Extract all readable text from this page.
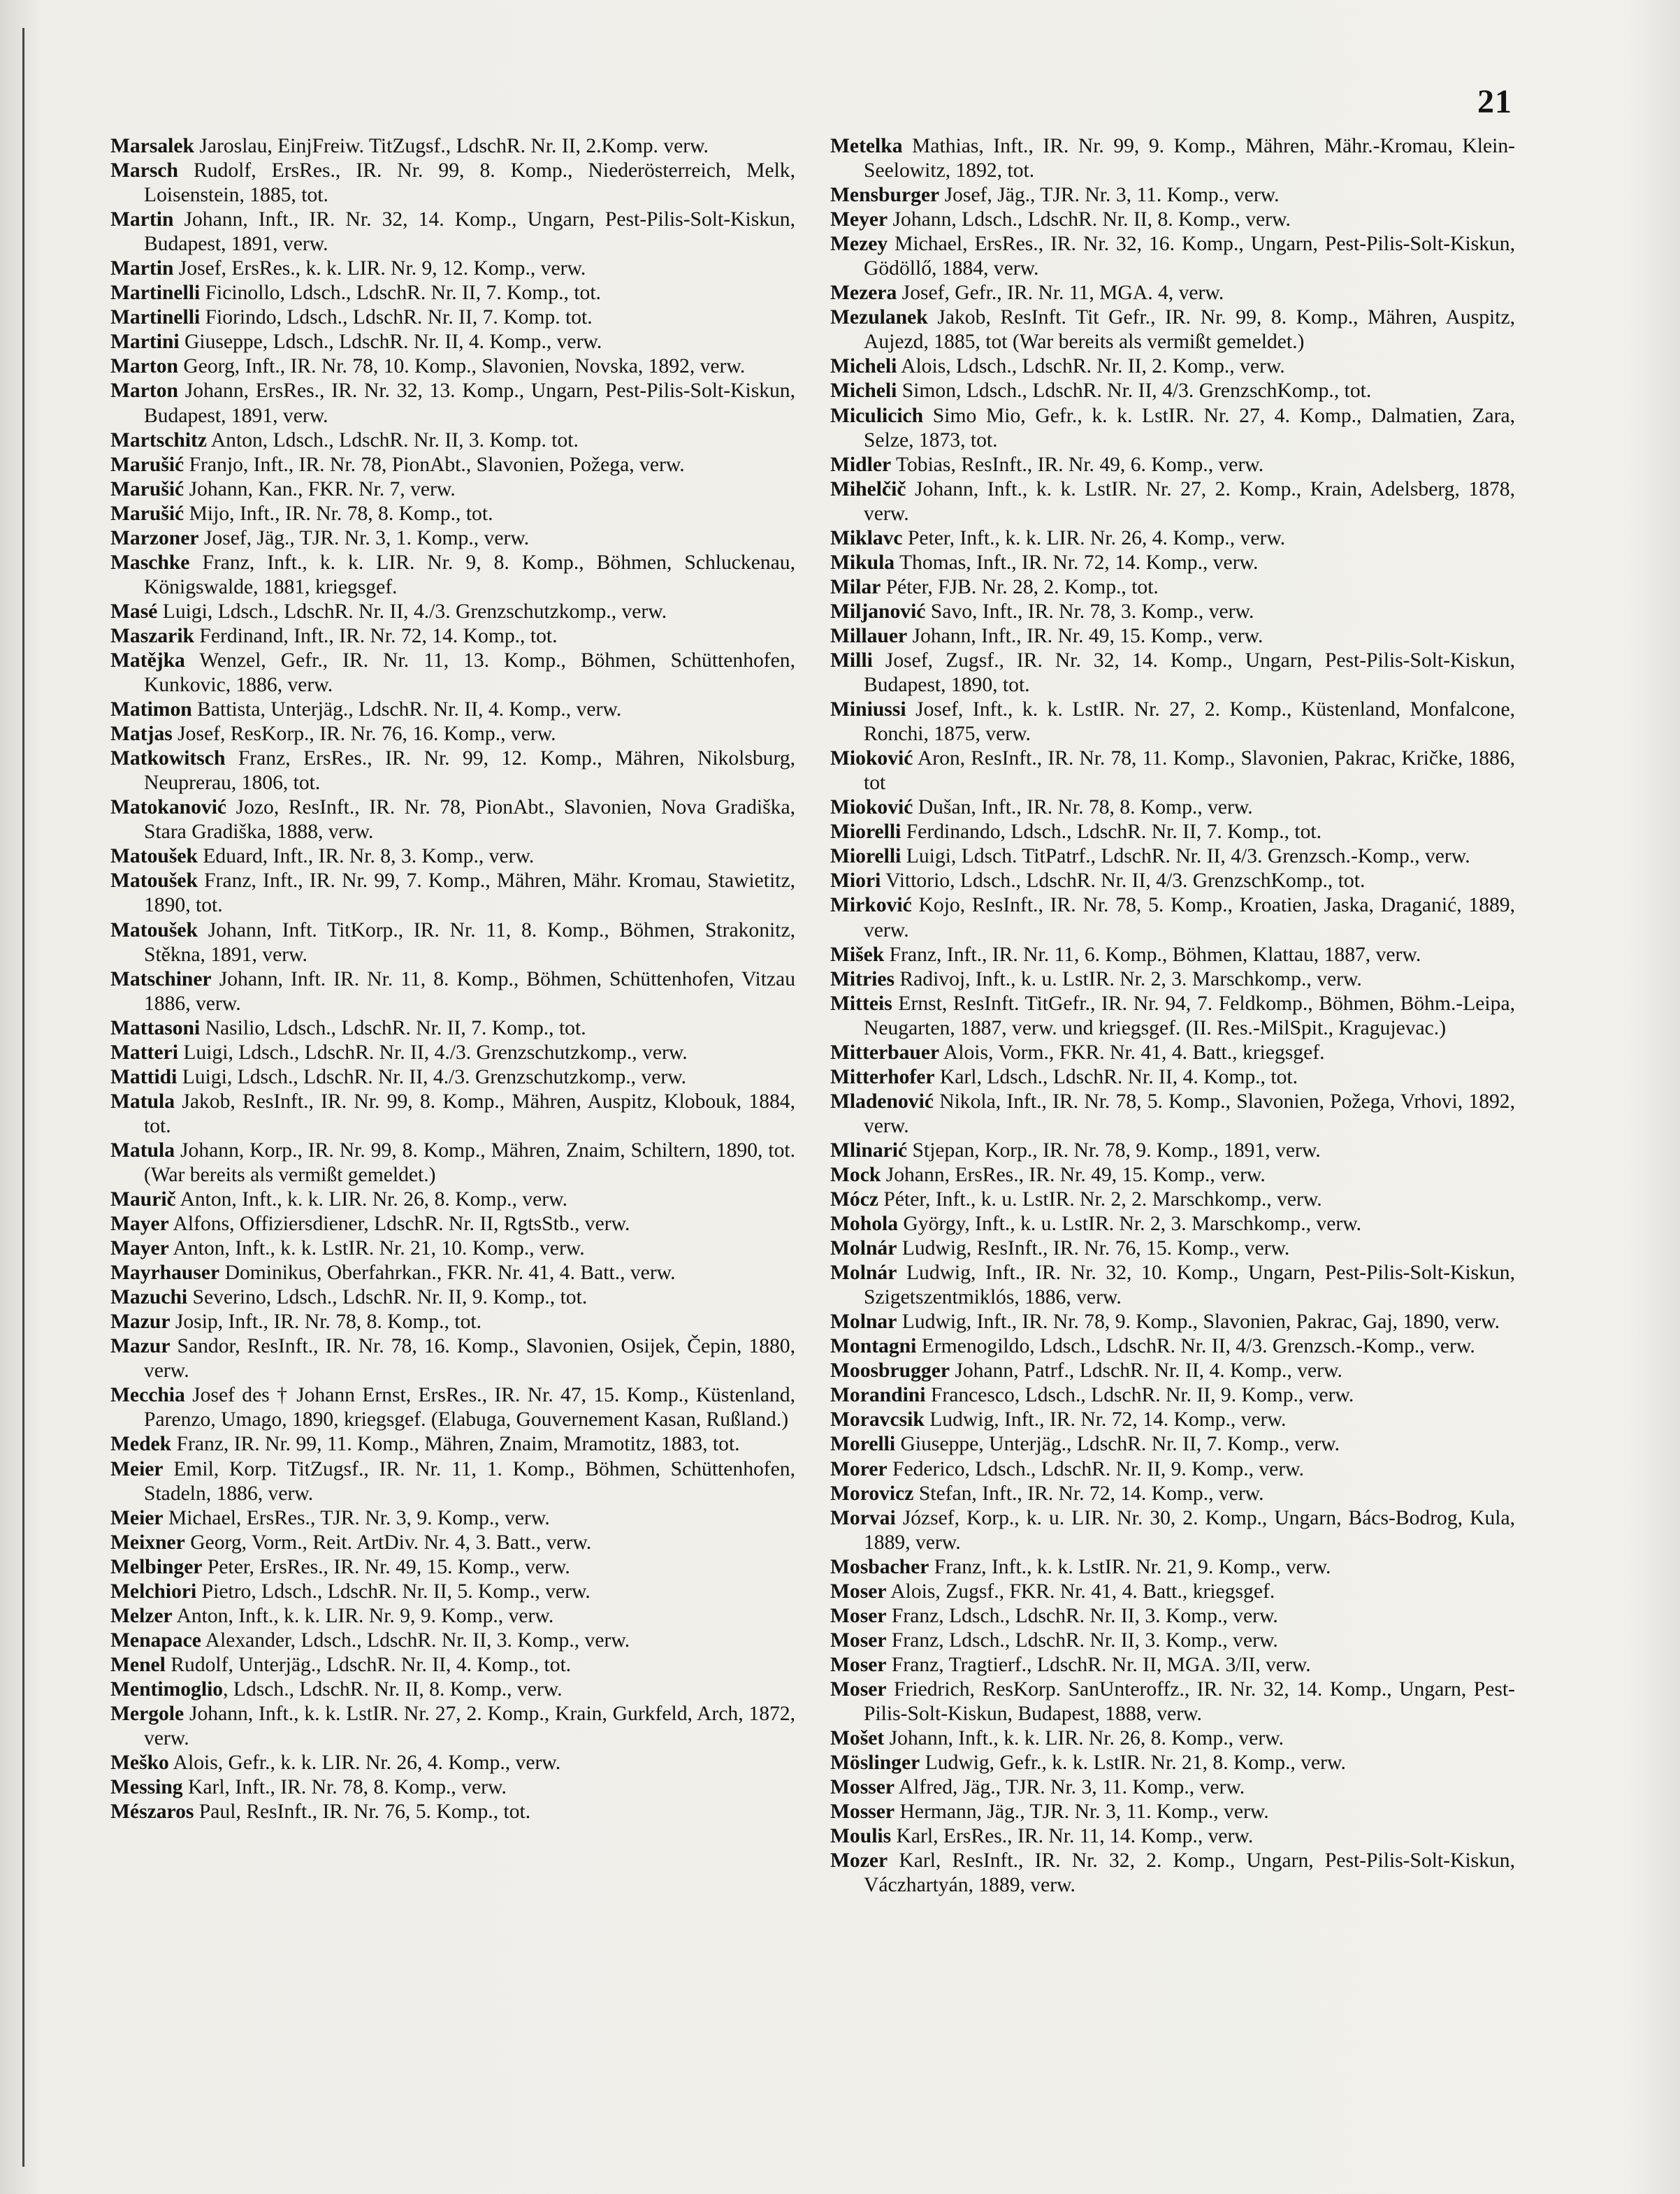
21

Marsalek Jaroslau, EinjFreiw. TitZugsf., LdschR. Nr. II, 2.Komp. verw.

Marsch Rudolf, ErsRes., IR. Nr. 99, 8. Komp., Niederösterreich, Melk, Loisenstein, 1885, tot.

Martin Johann, Inft., IR. Nr. 32, 14. Komp., Ungarn, Pest-Pilis-Solt-Kiskun, Budapest, 1891, verw.

Martin Josef, ErsRes., k. k. LIR. Nr. 9, 12. Komp., verw.

Martinelli Ficinollo, Ldsch., LdschR. Nr. II, 7. Komp., tot.

Martinelli Fiorindo, Ldsch., LdschR. Nr. II, 7. Komp. tot.

Martini Giuseppe, Ldsch., LdschR. Nr. II, 4. Komp., verw.

Marton Georg, Inft., IR. Nr. 78, 10. Komp., Slavonien, Novska, 1892, verw.

Marton Johann, ErsRes., IR. Nr. 32, 13. Komp., Ungarn, Pest-Pilis-Solt-Kiskun, Budapest, 1891, verw.

Martschitz Anton, Ldsch., LdschR. Nr. II, 3. Komp. tot.

Marušić Franjo, Inft., IR. Nr. 78, PionAbt., Slavonien, Požega, verw.

Marušić Johann, Kan., FKR. Nr. 7, verw.

Marušić Mijo, Inft., IR. Nr. 78, 8. Komp., tot.

Marzoner Josef, Jäg., TJR. Nr. 3, 1. Komp., verw.

Maschke Franz, Inft., k. k. LIR. Nr. 9, 8. Komp., Böhmen, Schluckenau, Königswalde, 1881, kriegsgef.

Masé Luigi, Ldsch., LdschR. Nr. II, 4./3. Grenzschutzkomp., verw.

Maszarik Ferdinand, Inft., IR. Nr. 72, 14. Komp., tot.

Matějka Wenzel, Gefr., IR. Nr. 11, 13. Komp., Böhmen, Schüttenhofen, Kunkovic, 1886, verw.

Matimon Battista, Unterjäg., LdschR. Nr. II, 4. Komp., verw.

Matjas Josef, ResKorp., IR. Nr. 76, 16. Komp., verw.

Matkowitsch Franz, ErsRes., IR. Nr. 99, 12. Komp., Mähren, Nikolsburg, Neuprerau, 1806, tot.

Matokanović Jozo, ResInft., IR. Nr. 78, PionAbt., Slavonien, Nova Gradiška, Stara Gradiška, 1888, verw.

Matoušek Eduard, Inft., IR. Nr. 8, 3. Komp., verw.

Matoušek Franz, Inft., IR. Nr. 99, 7. Komp., Mähren, Mähr. Kromau, Stawietitz, 1890, tot.

Matoušek Johann, Inft. TitKorp., IR. Nr. 11, 8. Komp., Böhmen, Strakonitz, Stěkna, 1891, verw.

Matschiner Johann, Inft. IR. Nr. 11, 8. Komp., Böhmen, Schüttenhofen, Vitzau 1886, verw.

Mattasoni Nasilio, Ldsch., LdschR. Nr. II, 7. Komp., tot.

Matteri Luigi, Ldsch., LdschR. Nr. II, 4./3. Grenzschutzkomp., verw.

Mattidi Luigi, Ldsch., LdschR. Nr. II, 4./3. Grenzschutzkomp., verw.

Matula Jakob, ResInft., IR. Nr. 99, 8. Komp., Mähren, Auspitz, Klobouk, 1884, tot.

Matula Johann, Korp., IR. Nr. 99, 8. Komp., Mähren, Znaim, Schiltern, 1890, tot. (War bereits als vermißt gemeldet.)

Maurič Anton, Inft., k. k. LIR. Nr. 26, 8. Komp., verw.

Mayer Alfons, Offiziersdiener, LdschR. Nr. II, RgtsStb., verw.

Mayer Anton, Inft., k. k. LstIR. Nr. 21, 10. Komp., verw.

Mayrhauser Dominikus, Oberfahrkan., FKR. Nr. 41, 4. Batt., verw.

Mazuchi Severino, Ldsch., LdschR. Nr. II, 9. Komp., tot.

Mazur Josip, Inft., IR. Nr. 78, 8. Komp., tot.

Mazur Sandor, ResInft., IR. Nr. 78, 16. Komp., Slavonien, Osijek, Čepin, 1880, verw.

Mecchia Josef des † Johann Ernst, ErsRes., IR. Nr. 47, 15. Komp., Küstenland, Parenzo, Umago, 1890, kriegsgef. (Elabuga, Gouvernement Kasan, Rußland.)

Medek Franz, IR. Nr. 99, 11. Komp., Mähren, Znaim, Mramotitz, 1883, tot.

Meier Emil, Korp. TitZugsf., IR. Nr. 11, 1. Komp., Böhmen, Schüttenhofen, Stadeln, 1886, verw.

Meier Michael, ErsRes., TJR. Nr. 3, 9. Komp., verw.

Meixner Georg, Vorm., Reit. ArtDiv. Nr. 4, 3. Batt., verw.

Melbinger Peter, ErsRes., IR. Nr. 49, 15. Komp., verw.

Melchiori Pietro, Ldsch., LdschR. Nr. II, 5. Komp., verw.

Melzer Anton, Inft., k. k. LIR. Nr. 9, 9. Komp., verw.

Menapace Alexander, Ldsch., LdschR. Nr. II, 3. Komp., verw.

Menel Rudolf, Unterjäg., LdschR. Nr. II, 4. Komp., tot.

Mentimoglio, Ldsch., LdschR. Nr. II, 8. Komp., verw.

Mergole Johann, Inft., k. k. LstIR. Nr. 27, 2. Komp., Krain, Gurkfeld, Arch, 1872, verw.

Meško Alois, Gefr., k. k. LIR. Nr. 26, 4. Komp., verw.

Messing Karl, Inft., IR. Nr. 78, 8. Komp., verw.

Mészaros Paul, ResInft., IR. Nr. 76, 5. Komp., tot.

Metelka Mathias, Inft., IR. Nr. 99, 9. Komp., Mähren, Mähr.-Kromau, Klein-Seelowitz, 1892, tot.

Mensburger Josef, Jäg., TJR. Nr. 3, 11. Komp., verw.

Meyer Johann, Ldsch., LdschR. Nr. II, 8. Komp., verw.

Mezey Michael, ErsRes., IR. Nr. 32, 16. Komp., Ungarn, Pest-Pilis-Solt-Kiskun, Gödöllő, 1884, verw.

Mezera Josef, Gefr., IR. Nr. 11, MGA. 4, verw.

Mezulanek Jakob, ResInft. Tit Gefr., IR. Nr. 99, 8. Komp., Mähren, Auspitz, Aujezd, 1885, tot (War bereits als vermißt gemeldet.)

Micheli Alois, Ldsch., LdschR. Nr. II, 2. Komp., verw.

Micheli Simon, Ldsch., LdschR. Nr. II, 4/3. GrenzschKomp., tot.

Miculicich Simo Mio, Gefr., k. k. LstIR. Nr. 27, 4. Komp., Dalmatien, Zara, Selze, 1873, tot.

Midler Tobias, ResInft., IR. Nr. 49, 6. Komp., verw.

Mihelčič Johann, Inft., k. k. LstIR. Nr. 27, 2. Komp., Krain, Adelsberg, 1878, verw.

Miklavc Peter, Inft., k. k. LIR. Nr. 26, 4. Komp., verw.

Mikula Thomas, Inft., IR. Nr. 72, 14. Komp., verw.

Milar Péter, FJB. Nr. 28, 2. Komp., tot.

Miljanović Savo, Inft., IR. Nr. 78, 3. Komp., verw.

Millauer Johann, Inft., IR. Nr. 49, 15. Komp., verw.

Milli Josef, Zugsf., IR. Nr. 32, 14. Komp., Ungarn, Pest-Pilis-Solt-Kiskun, Budapest, 1890, tot.

Miniussi Josef, Inft., k. k. LstIR. Nr. 27, 2. Komp., Küstenland, Monfalcone, Ronchi, 1875, verw.

Mioković Aron, ResInft., IR. Nr. 78, 11. Komp., Slavonien, Pakrac, Kričke, 1886, tot

Mioković Dušan, Inft., IR. Nr. 78, 8. Komp., verw.

Miorelli Ferdinando, Ldsch., LdschR. Nr. II, 7. Komp., tot.

Miorelli Luigi, Ldsch. TitPatrf., LdschR. Nr. II, 4/3. Grenzsch.-Komp., verw.

Miori Vittorio, Ldsch., LdschR. Nr. II, 4/3. GrenzschKomp., tot.

Mirković Kojo, ResInft., IR. Nr. 78, 5. Komp., Kroatien, Jaska, Draganić, 1889, verw.

Mišek Franz, Inft., IR. Nr. 11, 6. Komp., Böhmen, Klattau, 1887, verw.

Mitries Radivoj, Inft., k. u. LstIR. Nr. 2, 3. Marschkomp., verw.

Mitteis Ernst, ResInft. TitGefr., IR. Nr. 94, 7. Feldkomp., Böhmen, Böhm.-Leipa, Neugarten, 1887, verw. und kriegsgef. (II. Res.-MilSpit., Kragujevac.)

Mitterbauer Alois, Vorm., FKR. Nr. 41, 4. Batt., kriegsgef.

Mitterhofer Karl, Ldsch., LdschR. Nr. II, 4. Komp., tot.

Mladenović Nikola, Inft., IR. Nr. 78, 5. Komp., Slavonien, Požega, Vrhovi, 1892, verw.

Mlinarić Stjepan, Korp., IR. Nr. 78, 9. Komp., 1891, verw.

Mock Johann, ErsRes., IR. Nr. 49, 15. Komp., verw.

Mócz Péter, Inft., k. u. LstIR. Nr. 2, 2. Marschkomp., verw.

Mohola György, Inft., k. u. LstIR. Nr. 2, 3. Marschkomp., verw.

Molnár Ludwig, ResInft., IR. Nr. 76, 15. Komp., verw.

Molnár Ludwig, Inft., IR. Nr. 32, 10. Komp., Ungarn, Pest-Pilis-Solt-Kiskun, Szigetszentmiklós, 1886, verw.

Molnar Ludwig, Inft., IR. Nr. 78, 9. Komp., Slavonien, Pakrac, Gaj, 1890, verw.

Montagni Ermenogildo, Ldsch., LdschR. Nr. II, 4/3. Grenzsch.-Komp., verw.

Moosbrugger Johann, Patrf., LdschR. Nr. II, 4. Komp., verw.

Morandini Francesco, Ldsch., LdschR. Nr. II, 9. Komp., verw.

Moravcsik Ludwig, Inft., IR. Nr. 72, 14. Komp., verw.

Morelli Giuseppe, Unterjäg., LdschR. Nr. II, 7. Komp., verw.

Morer Federico, Ldsch., LdschR. Nr. II, 9. Komp., verw.

Morovicz Stefan, Inft., IR. Nr. 72, 14. Komp., verw.

Morvai József, Korp., k. u. LIR. Nr. 30, 2. Komp., Ungarn, Bács-Bodrog, Kula, 1889, verw.

Mosbacher Franz, Inft., k. k. LstIR. Nr. 21, 9. Komp., verw.

Moser Alois, Zugsf., FKR. Nr. 41, 4. Batt., kriegsgef.

Moser Franz, Ldsch., LdschR. Nr. II, 3. Komp., verw.

Moser Franz, Ldsch., LdschR. Nr. II, 3. Komp., verw.

Moser Franz, Tragtierf., LdschR. Nr. II, MGA. 3/II, verw.

Moser Friedrich, ResKorp. SanUnteroffz., IR. Nr. 32, 14. Komp., Ungarn, Pest-Pilis-Solt-Kiskun, Budapest, 1888, verw.

Mošet Johann, Inft., k. k. LIR. Nr. 26, 8. Komp., verw.

Möslinger Ludwig, Gefr., k. k. LstIR. Nr. 21, 8. Komp., verw.

Mosser Alfred, Jäg., TJR. Nr. 3, 11. Komp., verw.

Mosser Hermann, Jäg., TJR. Nr. 3, 11. Komp., verw.

Moulis Karl, ErsRes., IR. Nr. 11, 14. Komp., verw.

Mozer Karl, ResInft., IR. Nr. 32, 2. Komp., Ungarn, Pest-Pilis-Solt-Kiskun, Váczhartyán, 1889, verw.
